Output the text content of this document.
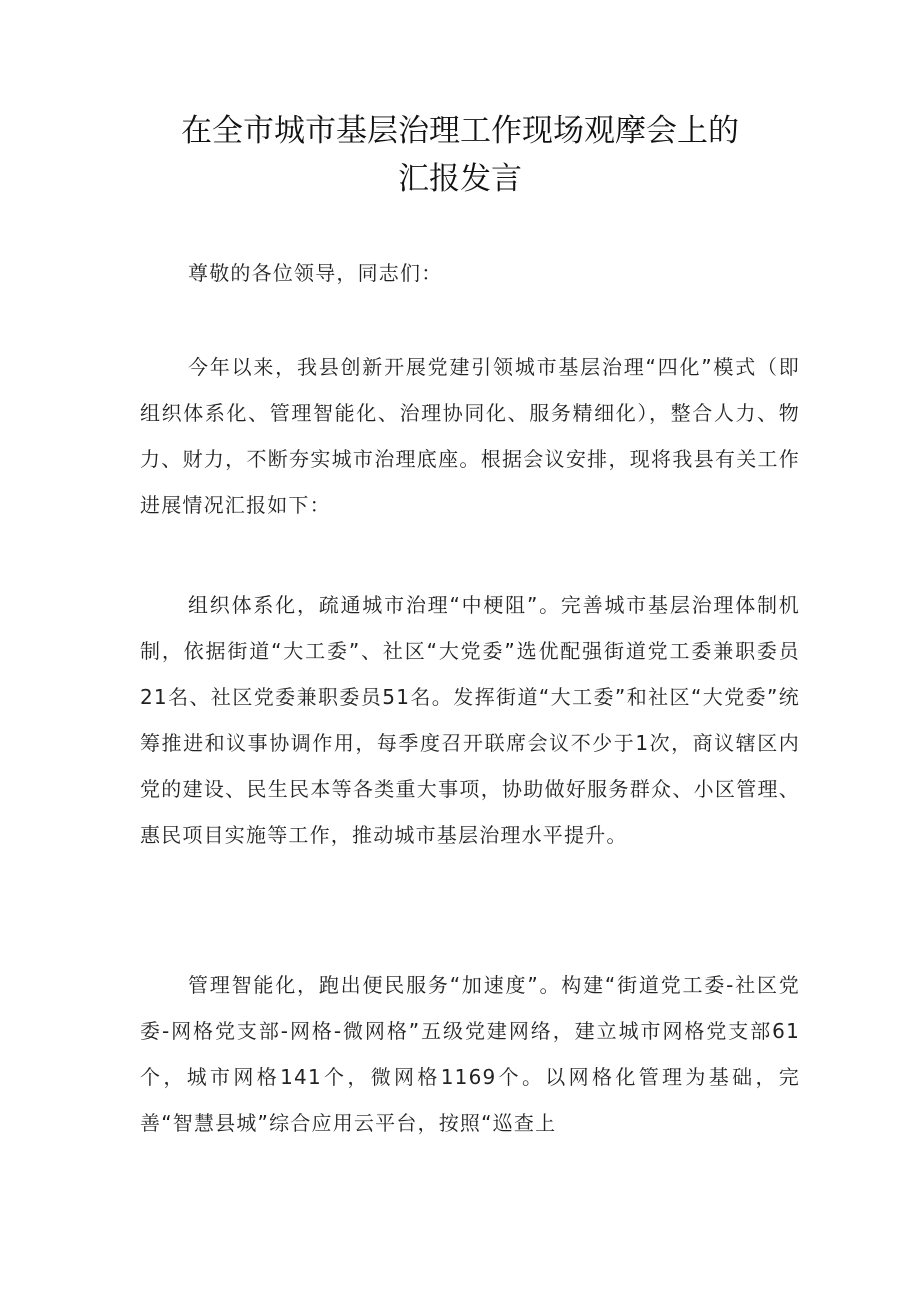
在全市城市基层治理工作现场观摩会上的
汇报发言

尊敬的各位领导，同志们：

今年以来，我县创新开展党建引领城市基层治理“四化”模式（即组织体系化、管理智能化、治理协同化、服务精细化），整合人力、物力、财力，不断夯实城市治理底座。根据会议安排，现将我县有关工作进展情况汇报如下：

组织体系化，疏通城市治理“中梗阻”。完善城市基层治理体制机制，依据街道“大工委”、社区“大党委”选优配强街道党工委兼职委员21名、社区党委兼职委员51名。发挥街道“大工委”和社区“大党委”统筹推进和议事协调作用，每季度召开联席会议不少于1次，商议辖区内党的建设、民生民本等各类重大事项，协助做好服务群众、小区管理、惠民项目实施等工作，推动城市基层治理水平提升。

管理智能化，跑出便民服务“加速度”。构建“街道党工委-社区党委-网格党支部-网格-微网格”五级党建网络，建立城市网格党支部61个，城市网格141个，微网格1169个。以网格化管理为基础，完善“智慧县城”综合应用云平台，按照“巡查上
